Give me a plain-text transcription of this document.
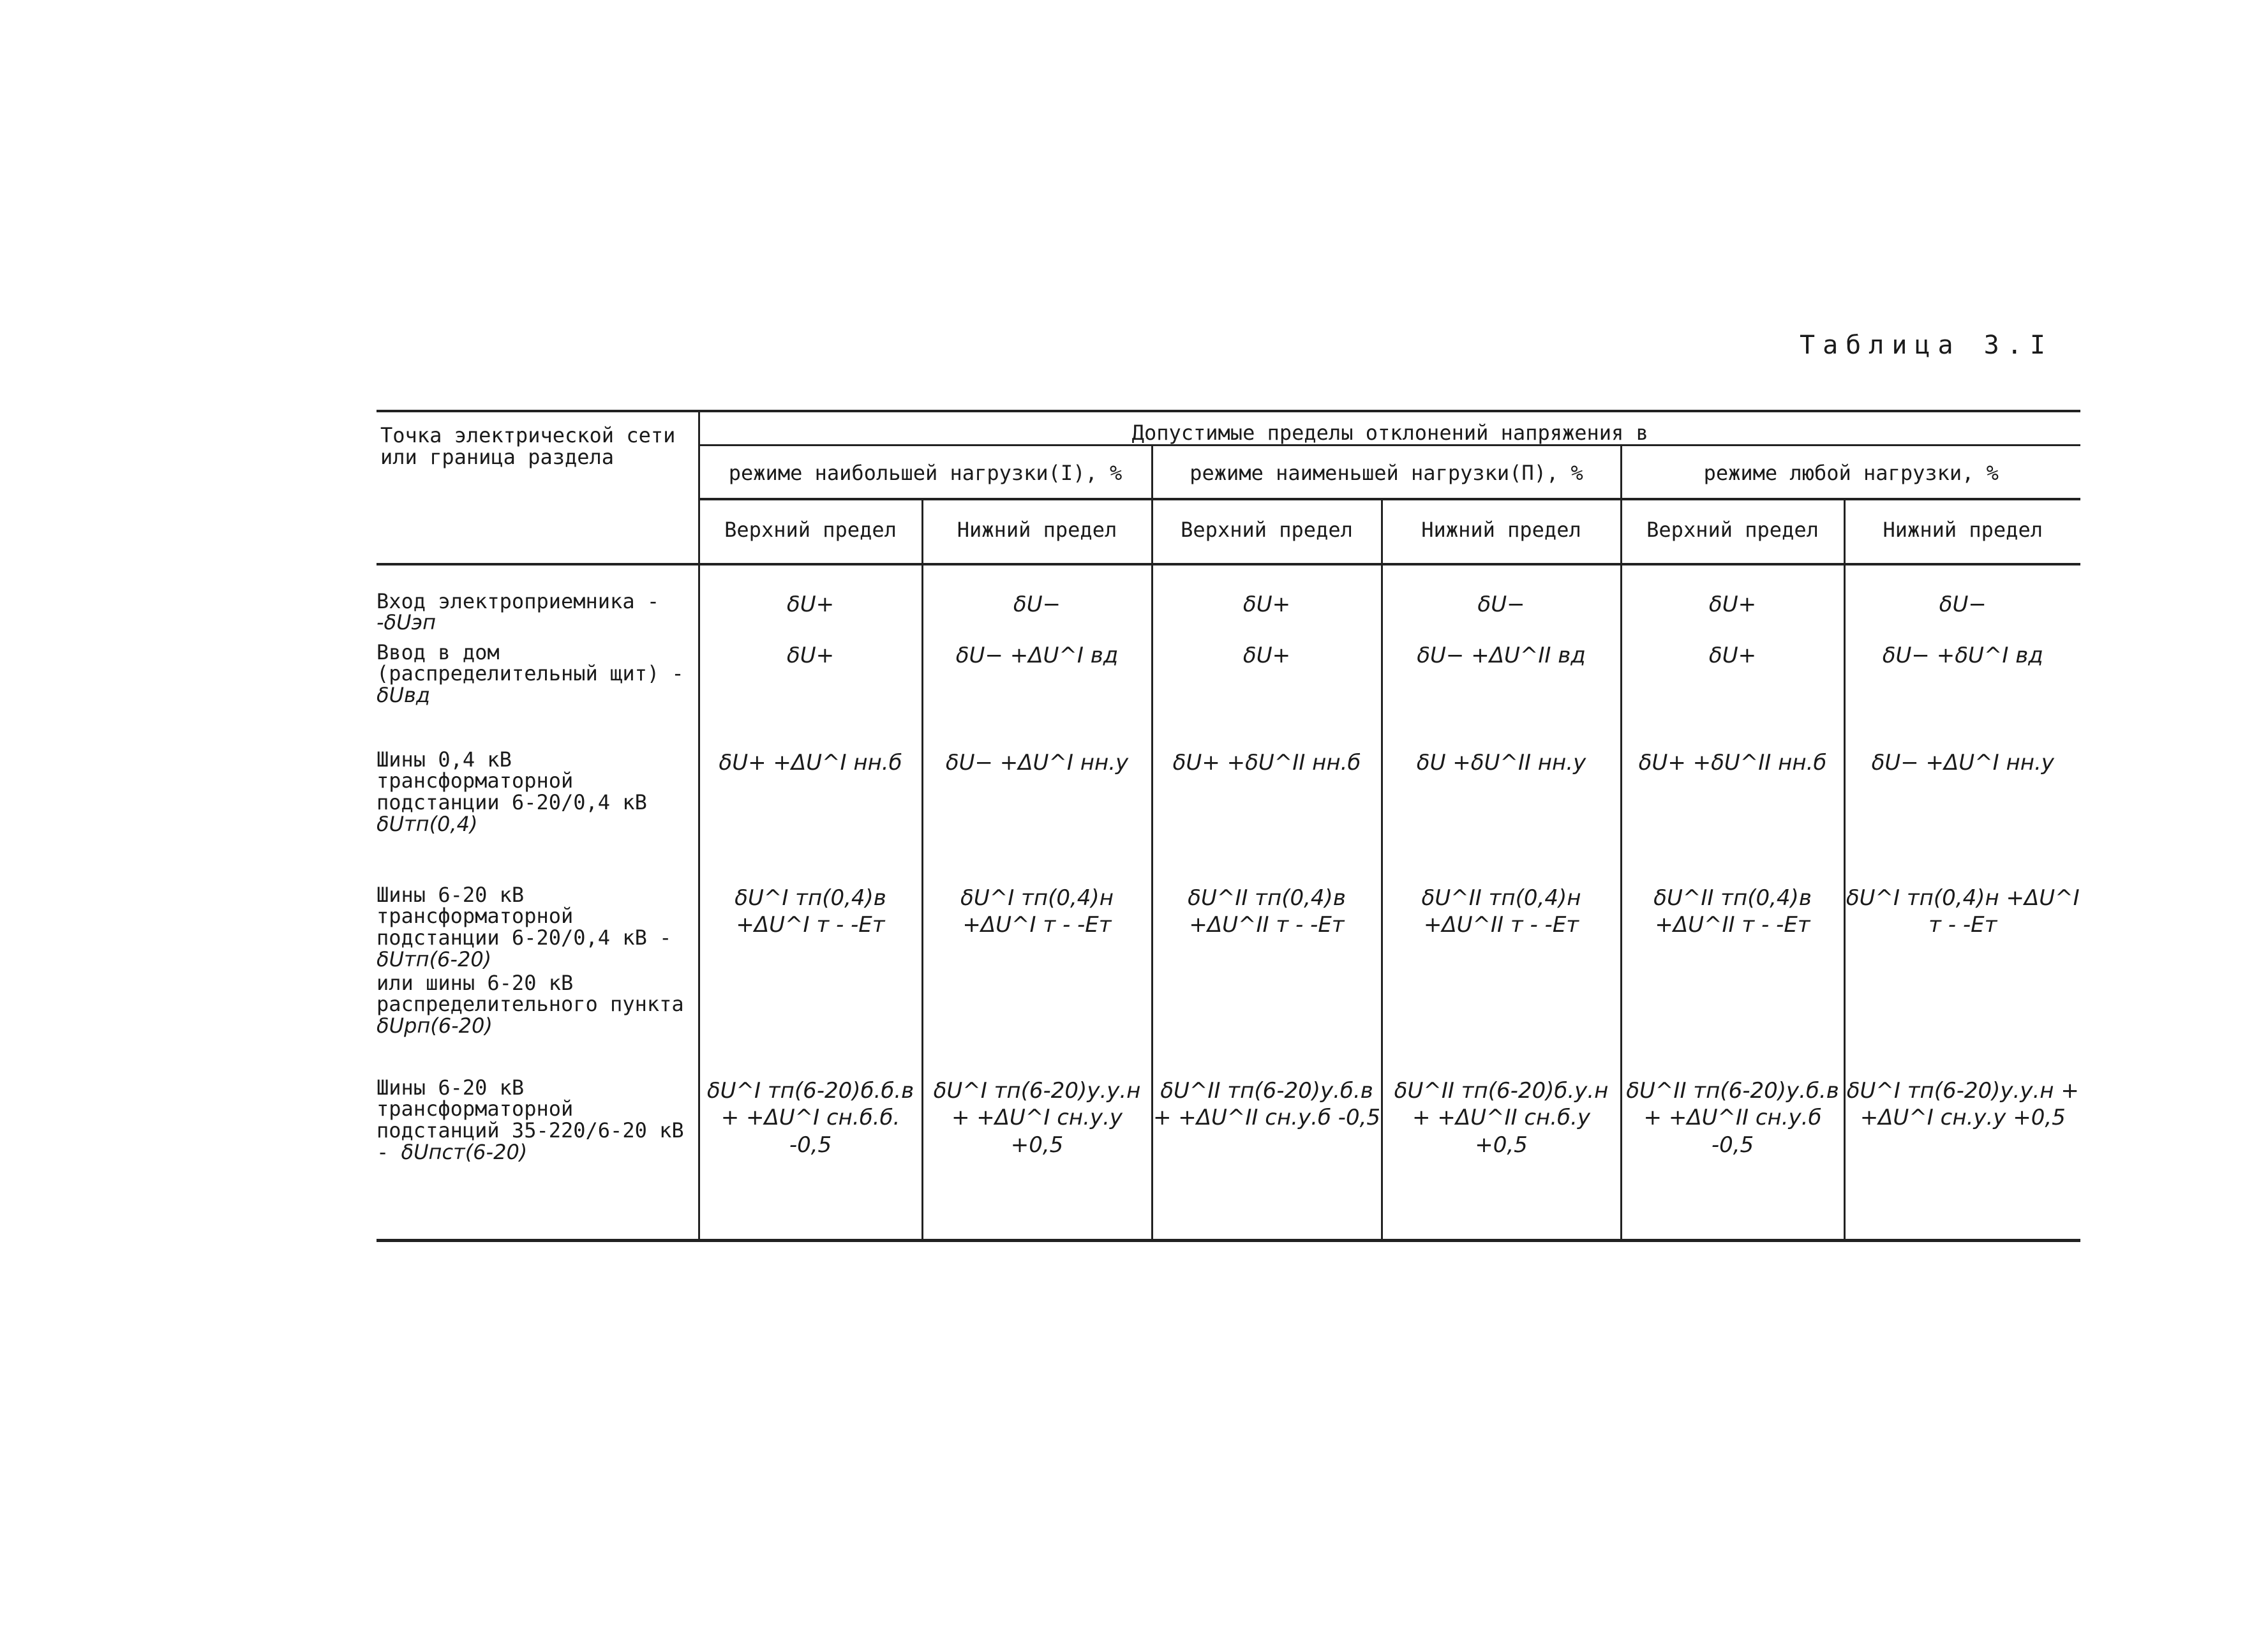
Таблица 3.I
Точка электрической сети или граница раздела	Допустимые пределы отклонений напряжения в					
	режиме наибольшей нагрузки(I), %		режиме наименьшей нагрузки(П), %		режиме любой нагрузки, %	
	Верхний предел	Нижний предел	Верхний предел	Нижний предел	Верхний предел	Нижний предел
Вход электроприемника -
-δUэп	δU+	δU−	δU+	δU−	δU+	δU−
Ввод в дом (распределительный щит) - δUвд	δU+	δU− +ΔU^I вд	δU+	δU− +ΔU^II вд	δU+	δU− +δU^I вд
Шины 0,4 кВ трансформаторной подстанции 6-20/0,4 кВ δUтп(0,4)	δU+ +ΔU^I нн.б	δU− +ΔU^I нн.у	δU+ +δU^II нн.б	δU +δU^II нн.у	δU+ +δU^II нн.б	δU− +ΔU^I нн.у
Шины 6-20 кВ трансформаторной подстанции 6-20/0,4 кВ - δUтп(6-20)	δU^I тп(0,4)в +ΔU^I т - -Eт	δU^I тп(0,4)н +ΔU^I т - -Eт	δU^II тп(0,4)в +ΔU^II т - -Eт	δU^II тп(0,4)н +ΔU^II т - -Eт	δU^II тп(0,4)в +ΔU^II т - -Eт	δU^I тп(0,4)н +ΔU^I т - -Eт
или шины 6-20 кВ распределительного пункта δUрп(6-20)						
Шины 6-20 кВ трансформаторной подстанций 35-220/6-20 кВ - δUпст(6-20)	δU^I тп(6-20)б.б.в + +ΔU^I сн.б.б. -0,5	δU^I тп(6-20)у.у.н + +ΔU^I сн.у.у +0,5	δU^II тп(6-20)у.б.в + +ΔU^II сн.у.б -0,5	δU^II тп(6-20)б.у.н + +ΔU^II сн.б.у +0,5	δU^II тп(6-20)у.б.в + +ΔU^II сн.у.б -0,5	δU^I тп(6-20)у.у.н + +ΔU^I сн.у.у +0,5
